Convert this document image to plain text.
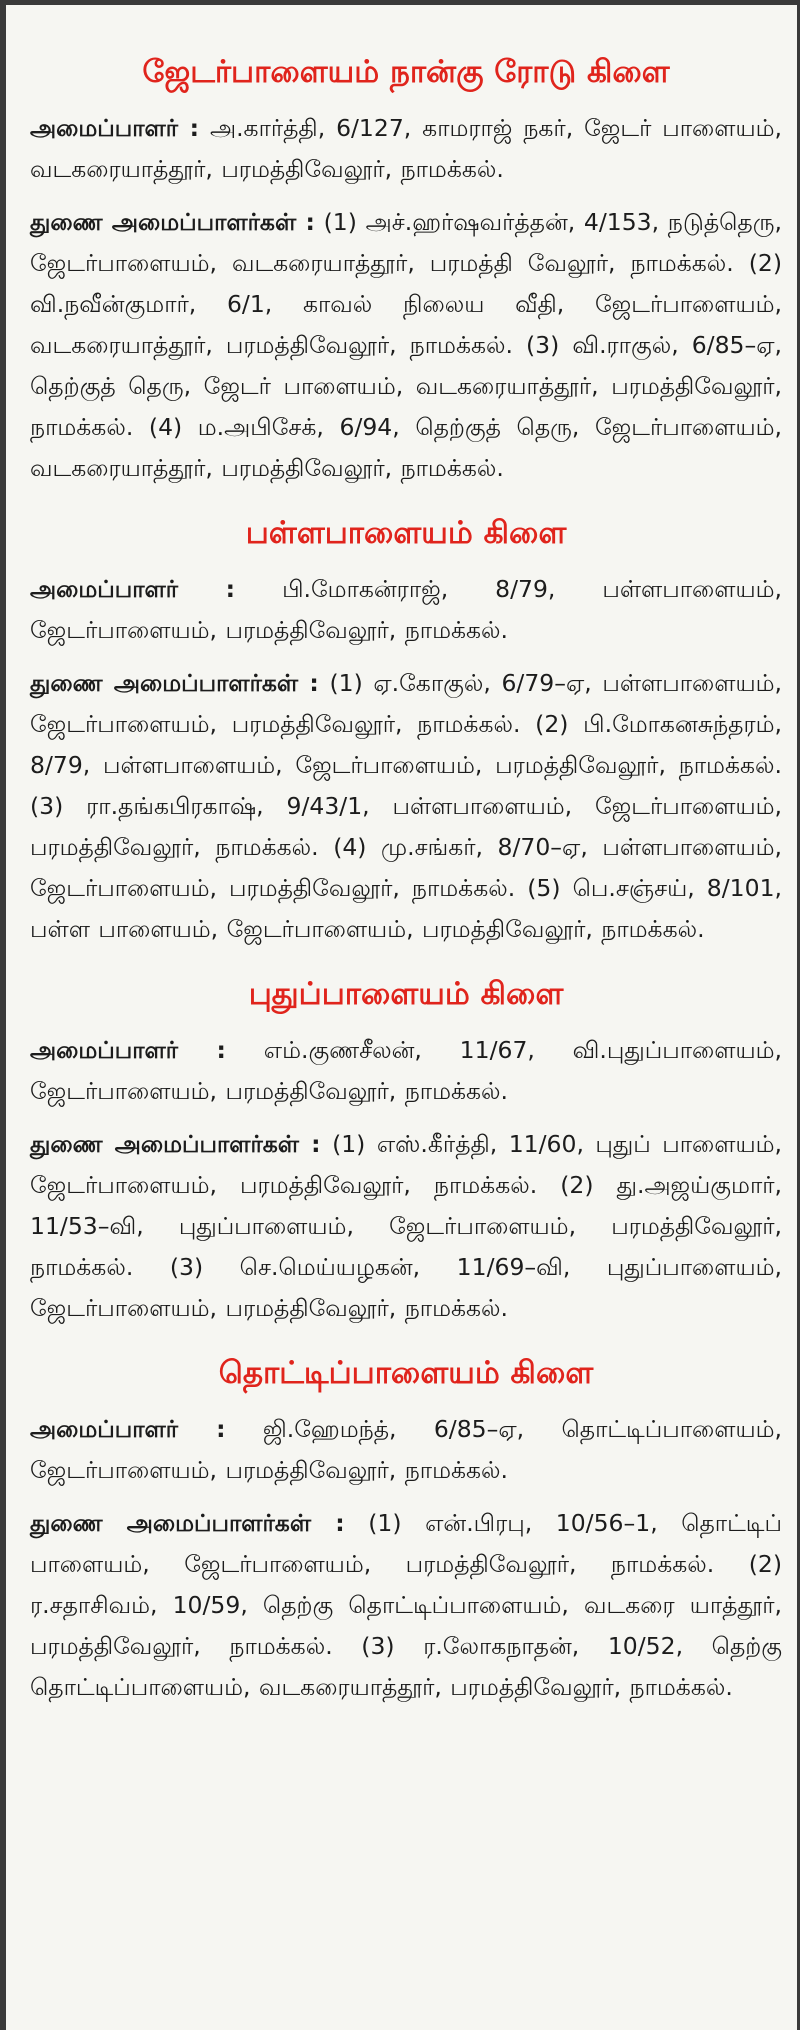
ஜேடர்பாளையம் நான்கு ரோடு கிளை

அமைப்பாளர் : அ.கார்த்தி, 6/127, காமராஜ் நகர், ஜேடர் பாளையம், வடகரையாத்தூர், பரமத்திவேலூர், நாமக்கல்.

துணை அமைப்பாளர்கள் : (1) அச்.ஹர்ஷவர்த்தன், 4/153, நடுத்தெரு, ஜேடர்பாளையம், வடகரையாத்தூர், பரமத்தி வேலூர், நாமக்கல். (2) வி.நவீன்குமார், 6/1, காவல் நிலைய வீதி, ஜேடர்பாளையம், வடகரையாத்தூர், பரமத்திவேலூர், நாமக்கல். (3) வி.ராகுல், 6/85–ஏ, தெற்குத் தெரு, ஜேடர் பாளையம், வடகரையாத்தூர், பரமத்திவேலூர், நாமக்கல். (4) ம.அபிசேக், 6/94, தெற்குத் தெரு, ஜேடர்பாளையம், வடகரையாத்தூர், பரமத்திவேலூர், நாமக்கல்.

பள்ளபாளையம் கிளை

அமைப்பாளர் : பி.மோகன்ராஜ், 8/79, பள்ளபாளையம், ஜேடர்பாளையம், பரமத்திவேலூர், நாமக்கல்.

துணை அமைப்பாளர்கள் : (1) ஏ.கோகுல், 6/79–ஏ, பள்ளபாளையம், ஜேடர்பாளையம், பரமத்திவேலூர், நாமக்கல். (2) பி.மோகனசுந்தரம், 8/79, பள்ளபாளையம், ஜேடர்பாளையம், பரமத்திவேலூர், நாமக்கல். (3) ரா.தங்கபிரகாஷ், 9/43/1, பள்ளபாளையம், ஜேடர்பாளையம், பரமத்திவேலூர், நாமக்கல். (4) மு.சங்கர், 8/70–ஏ, பள்ளபாளையம், ஜேடர்பாளையம், பரமத்திவேலூர், நாமக்கல். (5) பெ.சஞ்சய், 8/101, பள்ள பாளையம், ஜேடர்பாளையம், பரமத்திவேலூர், நாமக்கல்.

புதுப்பாளையம் கிளை

அமைப்பாளர் : எம்.குணசீலன், 11/67, வி.புதுப்பாளையம், ஜேடர்பாளையம், பரமத்திவேலூர், நாமக்கல்.

துணை அமைப்பாளர்கள் : (1) எஸ்.கீர்த்தி, 11/60, புதுப் பாளையம், ஜேடர்பாளையம், பரமத்திவேலூர், நாமக்கல். (2) து.அஜய்குமார், 11/53–வி, புதுப்பாளையம், ஜேடர்பாளையம், பரமத்திவேலூர், நாமக்கல். (3) செ.மெய்யழகன், 11/69–வி, புதுப்பாளையம், ஜேடர்பாளையம், பரமத்திவேலூர், நாமக்கல்.

தொட்டிப்பாளையம் கிளை

அமைப்பாளர் : ஜி.ஹேமந்த், 6/85–ஏ, தொட்டிப்பாளையம், ஜேடர்பாளையம், பரமத்திவேலூர், நாமக்கல்.

துணை அமைப்பாளர்கள் : (1) என்.பிரபு, 10/56–1, தொட்டிப் பாளையம், ஜேடர்பாளையம், பரமத்திவேலூர், நாமக்கல். (2) ர.சதாசிவம், 10/59, தெற்கு தொட்டிப்பாளையம், வடகரை யாத்தூர், பரமத்திவேலூர், நாமக்கல். (3) ர.லோகநாதன், 10/52, தெற்கு தொட்டிப்பாளையம், வடகரையாத்தூர், பரமத்திவேலூர், நாமக்கல்.
